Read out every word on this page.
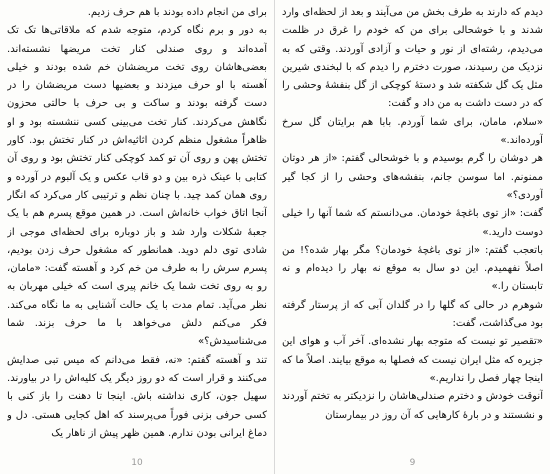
برای من انجام داده بودند با هم حرف زدیم.

به دور و برم نگاه کردم، متوجه شدم که ملاقاتی‌ها تک تک آمده‌اند و روی صندلی کنار تخت مریضها نشسته‌اند. بعضی‌هاشان روی تخت مریضشان خم شده بودند و خیلی آهسته با او حرف میزدند و بعضیها دست مریضشان را در دست گرفته بودند و ساکت و بی حرف با حالتی محزون نگاهش می‌کردند. کنار تخت می‌بینی کسی ننشسته بود و او ظاهراً مشغول منظم کردن اثاثیه‌اش در کنار تختش بود. کاور تختش پهن و روی آن تو کمد کوچکی کنار تختش بود و روی آن کتابی با عینک ذره بین و دو قاب عکس و یک آلبوم در آورده و روی همان کمد چید. با چنان نظم و ترتیبی کار می‌کرد که انگار آنجا اتاق خواب خانه‌اش است. در همین موقع پسرم هم با یک جعبهٔ شکلات وارد شد و باز دوباره برای لحظه‌ای موجی از شادی توی دلم دوید. همانطور که مشغول حرف زدن بودیم، پسرم سرش را به طرف من خم کرد و آهسته گفت: «مامان، رو به روی تخت شما یک خانم پیری است که خیلی مهربان به نظر می‌آید. تمام مدت با یک حالت آشنایی به ما نگاه می‌کند. فکر می‌کنم دلش می‌خواهد با ما حرف بزند. شما می‌شناسیدش؟»

تند و آهسته گفتم: «نه، فقط می‌دانم که میس‌ تبی صدایش می‌کنند و قرار است که دو روز دیگر یک کلیه‌اش را در بیاورند. سهیل جون، کاری نداشته باش. اینجا تا دهنت را باز کنی با کسی حرفی بزنی فوراً می‌پرسند که اهل کجایی هستی. دل و دماغ ایرانی بودن ندارم. همین ظهر پیش از ناهار یک

10

دیدم که دارند به طرف بخش من می‌آیند و بعد از لحظه‌ای وارد شدند و با خوشحالی برای من که خودم را غرق در ظلمت می‌دیدم، رشته‌ای از نور و حیات و آزادی آوردند. وقتی که به نزدیک من رسیدند، صورت دخترم را دیدم که با لبخندی شیرین مثل یک گل شکفته شد و دستهٔ کوچکی از گل بنفشهٔ وحشی را که در دست داشت به من داد و گفت:

«سلام، مامان، برای شما آوردم. بابا هم برایتان گل سرخ آورده‌اند.»

هر دوشان را گرم بوسیدم و با خوشحالی گفتم: «از هر دوتان ممنونم. اما سوسن جانم، بنفشه‌های وحشی را از کجا گیر آوردی؟»

گفت: «از توی باغچهٔ خودمان. می‌دانستم که شما آنها را خیلی دوست دارید.»

باتعجب گفتم: «از توی باغچهٔ خودمان؟ مگر بهار شده؟! من اصلاً نفهمیدم. این دو سال به موقع نه بهار را دیده‌ام و نه تابستان را.»

شوهرم در حالی که گلها را در گلدان آبی که از پرستار گرفته بود می‌گذاشت، گفت:

«تقصیر تو نیست که متوجه بهار نشده‌ای. آخر آب و هوای این جزیره که مثل ایران نیست که فصلها به موقع بیایند. اصلاً ما که اینجا چهار فصل را نداریم.»

آنوقت خودش و دخترم صندلی‌هاشان را نزدیکتر به تختم آوردند و نشستند و در بارهٔ کارهایی که آن روز در بیمارستان

9
